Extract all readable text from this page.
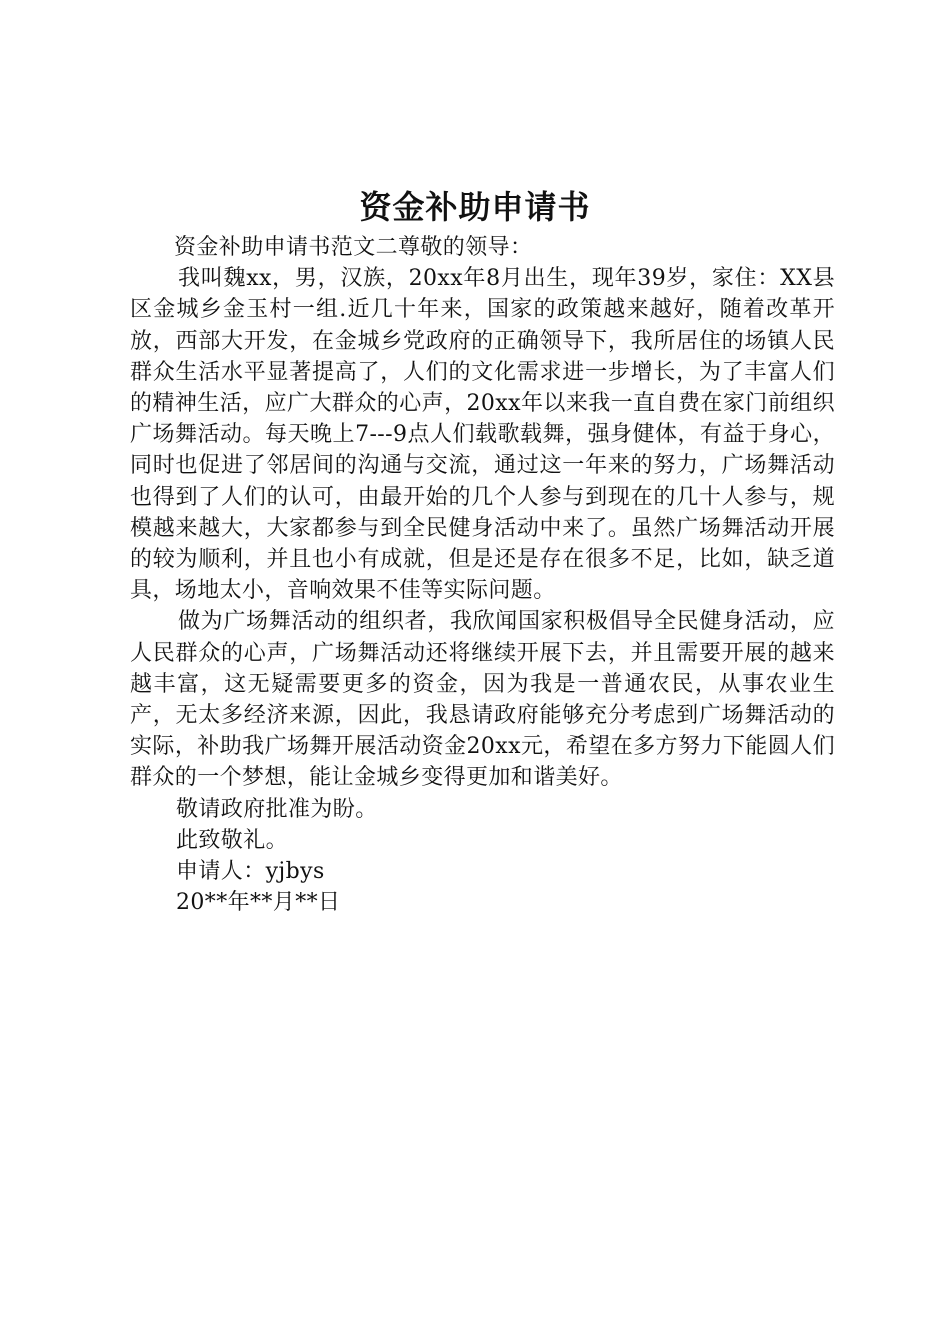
资金补助申请书

资金补助申请书范文二尊敬的领导：

我叫魏xx，男，汉族，20xx年8月出生，现年39岁，家住：XX县区金城乡金玉村一组.近几十年来，国家的政策越来越好，随着改革开放，西部大开发，在金城乡党政府的正确领导下，我所居住的场镇人民群众生活水平显著提高了，人们的文化需求进一步增长，为了丰富人们的精神生活，应广大群众的心声，20xx年以来我一直自费在家门前组织广场舞活动。每天晚上7---9点人们载歌载舞，强身健体，有益于身心，同时也促进了邻居间的沟通与交流，通过这一年来的努力，广场舞活动也得到了人们的认可，由最开始的几个人参与到现在的几十人参与，规模越来越大，大家都参与到全民健身活动中来了。虽然广场舞活动开展的较为顺利，并且也小有成就，但是还是存在很多不足，比如，缺乏道具，场地太小，音响效果不佳等实际问题。

做为广场舞活动的组织者，我欣闻国家积极倡导全民健身活动，应人民群众的心声，广场舞活动还将继续开展下去，并且需要开展的越来越丰富，这无疑需要更多的资金，因为我是一普通农民，从事农业生产，无太多经济来源，因此，我恳请政府能够充分考虑到广场舞活动的实际，补助我广场舞开展活动资金20xx元，希望在多方努力下能圆人们群众的一个梦想，能让金城乡变得更加和谐美好。

敬请政府批准为盼。

此致敬礼。

申请人：yjbys

20**年**月**日
